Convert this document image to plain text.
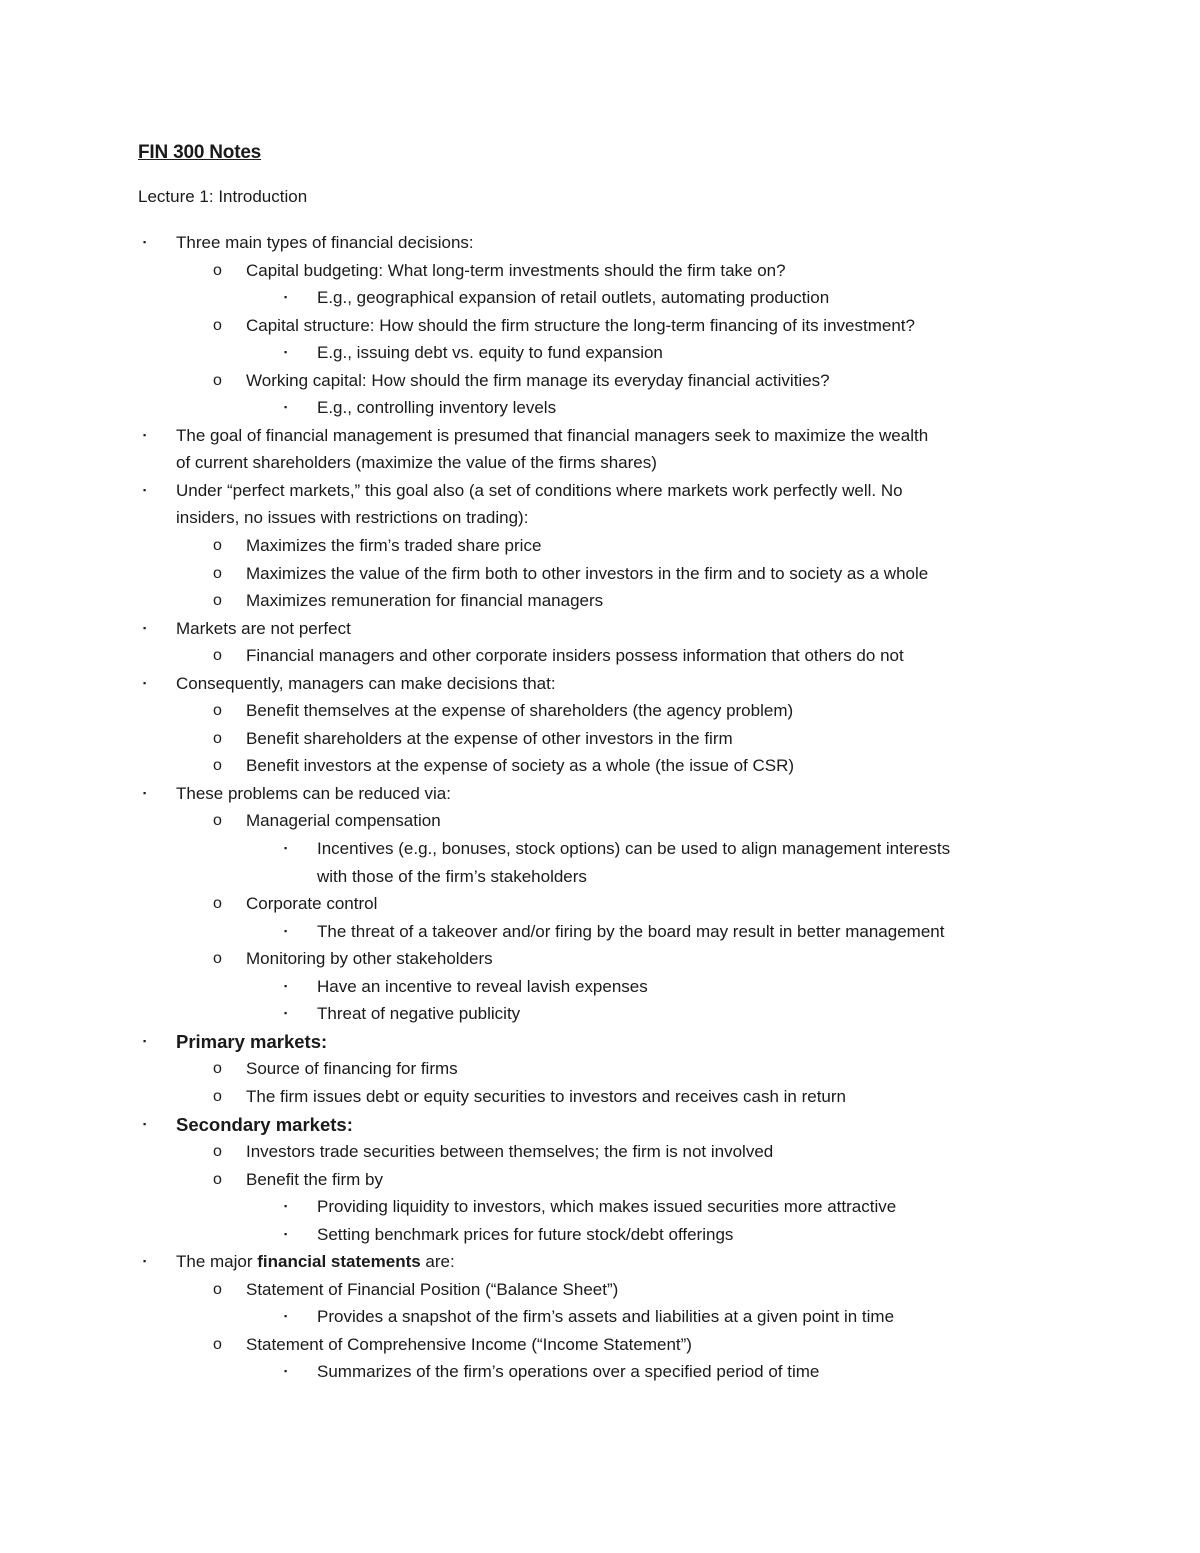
FIN 300 Notes
Lecture 1: Introduction
▪ Three main types of financial decisions:
o Capital budgeting: What long-term investments should the firm take on?
▪ E.g., geographical expansion of retail outlets, automating production
o Capital structure: How should the firm structure the long-term financing of its investment?
▪ E.g., issuing debt vs. equity to fund expansion
o Working capital: How should the firm manage its everyday financial activities?
▪ E.g., controlling inventory levels
▪ The goal of financial management is presumed that financial managers seek to maximize the wealth
of current shareholders (maximize the value of the firms shares)
▪ Under “perfect markets,” this goal also (a set of conditions where markets work perfectly well. No
insiders, no issues with restrictions on trading):
o Maximizes the firm’s traded share price
o Maximizes the value of the firm both to other investors in the firm and to society as a whole
o Maximizes remuneration for financial managers
▪ Markets are not perfect
o Financial managers and other corporate insiders possess information that others do not
▪ Consequently, managers can make decisions that:
o Benefit themselves at the expense of shareholders (the agency problem)
o Benefit shareholders at the expense of other investors in the firm
o Benefit investors at the expense of society as a whole (the issue of CSR)
▪ These problems can be reduced via:
o Managerial compensation
▪ Incentives (e.g., bonuses, stock options) can be used to align management interests
with those of the firm’s stakeholders
o Corporate control
▪ The threat of a takeover and/or firing by the board may result in better management
o Monitoring by other stakeholders
▪ Have an incentive to reveal lavish expenses
▪ Threat of negative publicity
▪ Primary markets:
o Source of financing for firms
o The firm issues debt or equity securities to investors and receives cash in return
▪ Secondary markets:
o Investors trade securities between themselves; the firm is not involved
o Benefit the firm by
▪ Providing liquidity to investors, which makes issued securities more attractive
▪ Setting benchmark prices for future stock/debt offerings
▪ The major financial statements are:
o Statement of Financial Position (“Balance Sheet”)
▪ Provides a snapshot of the firm’s assets and liabilities at a given point in time
o Statement of Comprehensive Income (“Income Statement”)
▪ Summarizes of the firm’s operations over a specified period of time
